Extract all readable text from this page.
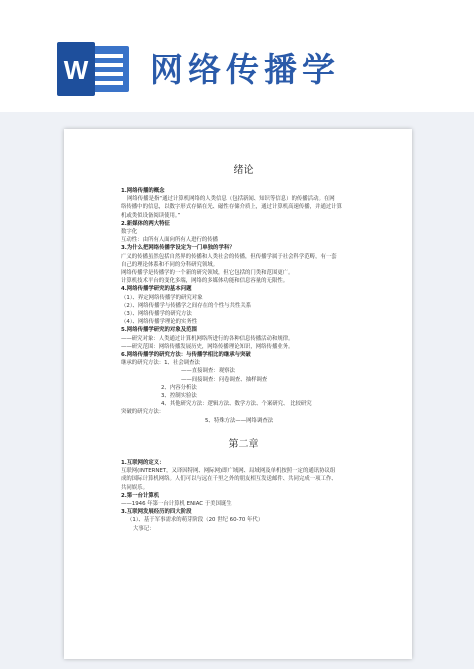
W 网络传播学
绪论
1.网络传播的概念
网络传播是指“通过计算机网络的人类信息（包括新闻、知识等信息）的传播活动。在网
络传播中的信息，以数字形式存储在光、磁性存储介质上，通过计算机高速传播，并通过计算
机或类似设备阅读使用。”
2.新媒体的两大特征
数字化
互动性：由所有人面向所有人进行的传播
3.为什么把网络传播学设定为一门单独的学科？
广义的传播虽然包括自然界的传播和人类社会的传播，但传播学属于社会科学范畴，有一套
自己的理论体系和不同的分科研究领域。
网络传播学是传播学的一个新的研究领域，但它包括的门类和范围更广。
计算机技术平台的变化多端，网络的多媒体功能和信息容量的无限性。
4.网络传播学研究的基本问题
（1）、界定网络传播学的研究对象
（2）、网络传播学与传播学之间存在的个性与共性关系
（3）、网络传播学的研究方法
（4）、网络传播学理论的实务性
5.网络传播学研究的对象及范围
——研究对象：人类通过计算机网络所进行的各种信息传播活动和规律。
——研究范围：网络传播发展历史，网络传播理论知识，网络传播业务。
6.网络传播学的研究方法：与传播学相比的继承与突破
继承的研究方法：1、社会调查法
——直接调查：观察法
——间接调查：问卷调查、抽样调查
2、内容分析法
3、控制实验法
4、其他研究方法：逻辑方法、数学方法、个案研究、 比较研究
突破的研究方法：
5、特殊方法——网络调查法
第二章
1.互联网的定义：
互联网(INTERNET，又译因特网、网际网)即广域网、局域网及单机按照一定的通讯协议组
成的国际计算机网络。人们可以与远在千里之外的朋友相互发送邮件、共同完成一项工作、
共同娱乐。
2.第一台计算机
——1946 年第一台计算机 ENIAC 于美国诞生
3.互联网发展经历的四大阶段
（1）、基于军事需求的萌芽阶段（20 世纪 60-70 年代）
大事记：
